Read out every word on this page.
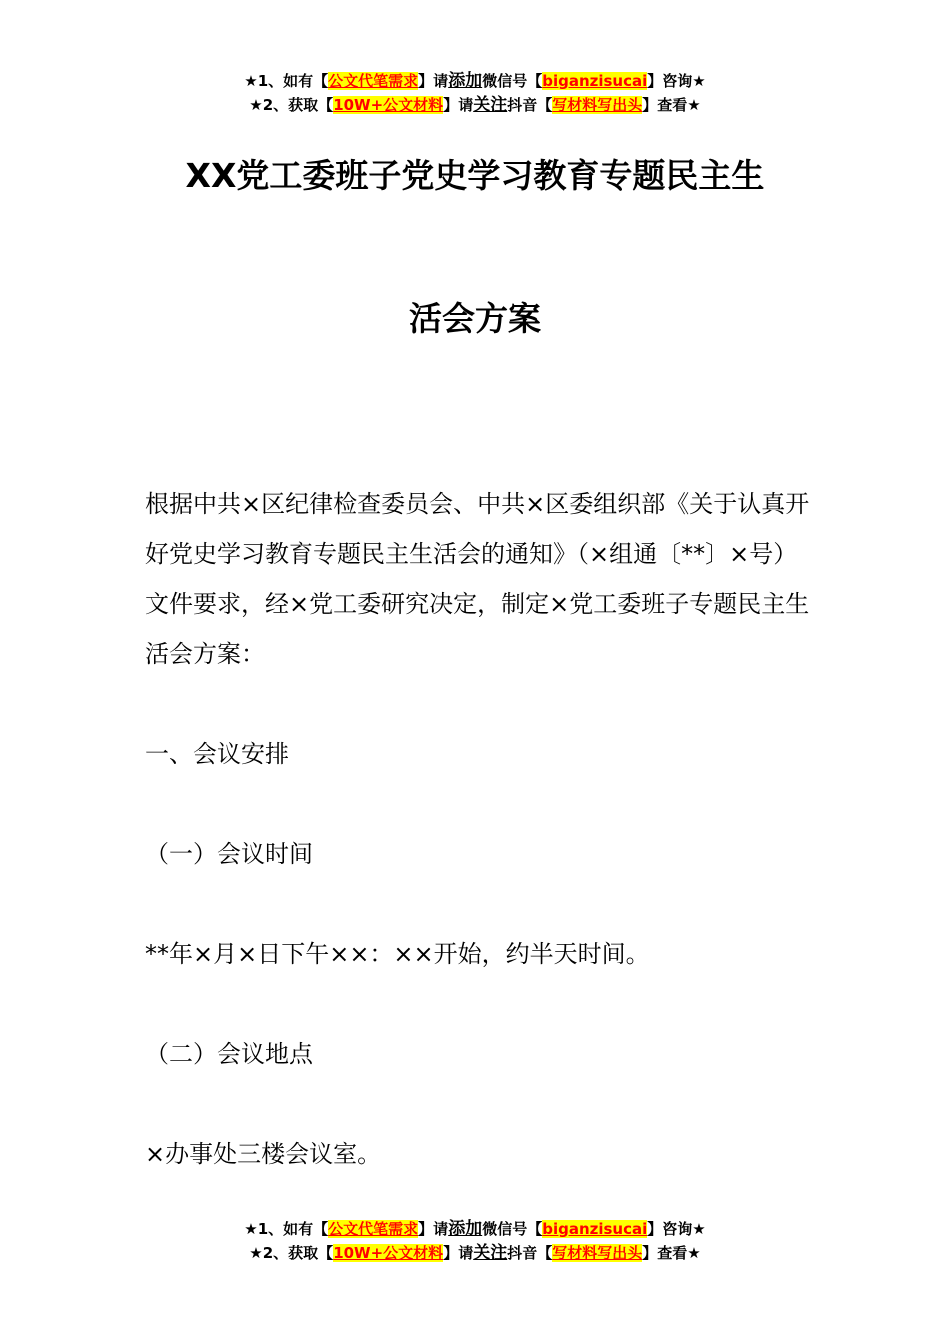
★1、如有【公文代笔需求】请添加微信号【biganzisucai】咨询★
★2、获取【10W+公文材料】请关注抖音【写材料写出头】查看★
XX党工委班子党史学习教育专题民主生
活会方案
根据中共×区纪律检查委员会、中共×区委组织部《关于认真开好党史学习教育专题民主生活会的通知》（×组通〔**〕×号）文件要求，经×党工委研究决定，制定×党工委班子专题民主生活会方案：
一、会议安排
（一）会议时间
**年×月×日下午××：××开始，约半天时间。
（二）会议地点
×办事处三楼会议室。
★1、如有【公文代笔需求】请添加微信号【biganzisucai】咨询★
★2、获取【10W+公文材料】请关注抖音【写材料写出头】查看★
